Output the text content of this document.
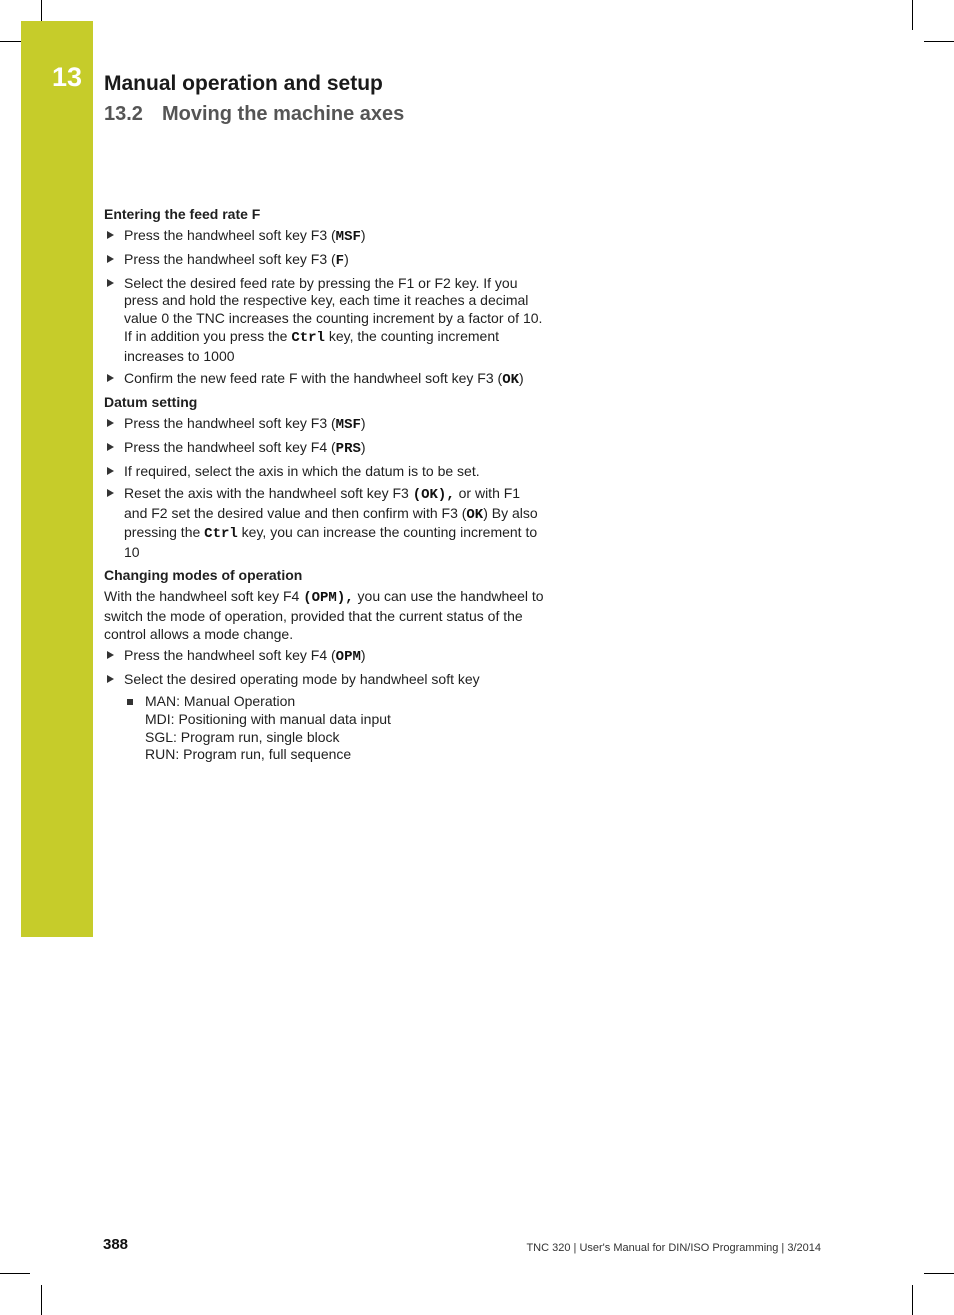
13 Manual operation and setup
13.2 Moving the machine axes
Entering the feed rate F
Press the handwheel soft key F3 (MSF)
Press the handwheel soft key F3 (F)
Select the desired feed rate by pressing the F1 or F2 key. If you press and hold the respective key, each time it reaches a decimal value 0 the TNC increases the counting increment by a factor of 10. If in addition you press the Ctrl key, the counting increment increases to 1000
Confirm the new feed rate F with the handwheel soft key F3 (OK)
Datum setting
Press the handwheel soft key F3 (MSF)
Press the handwheel soft key F4 (PRS)
If required, select the axis in which the datum is to be set.
Reset the axis with the handwheel soft key F3 (OK), or with F1 and F2 set the desired value and then confirm with F3 (OK) By also pressing the Ctrl key, you can increase the counting increment to 10
Changing modes of operation

With the handwheel soft key F4 (OPM), you can use the handwheel to switch the mode of operation, provided that the current status of the control allows a mode change.

Press the handwheel soft key F4 (OPM)
Select the desired operating mode by handwheel soft key
MAN: Manual Operation
MDI: Positioning with manual data input
SGL: Program run, single block
RUN: Program run, full sequence
388	TNC 320 | User's Manual for DIN/ISO Programming | 3/2014
